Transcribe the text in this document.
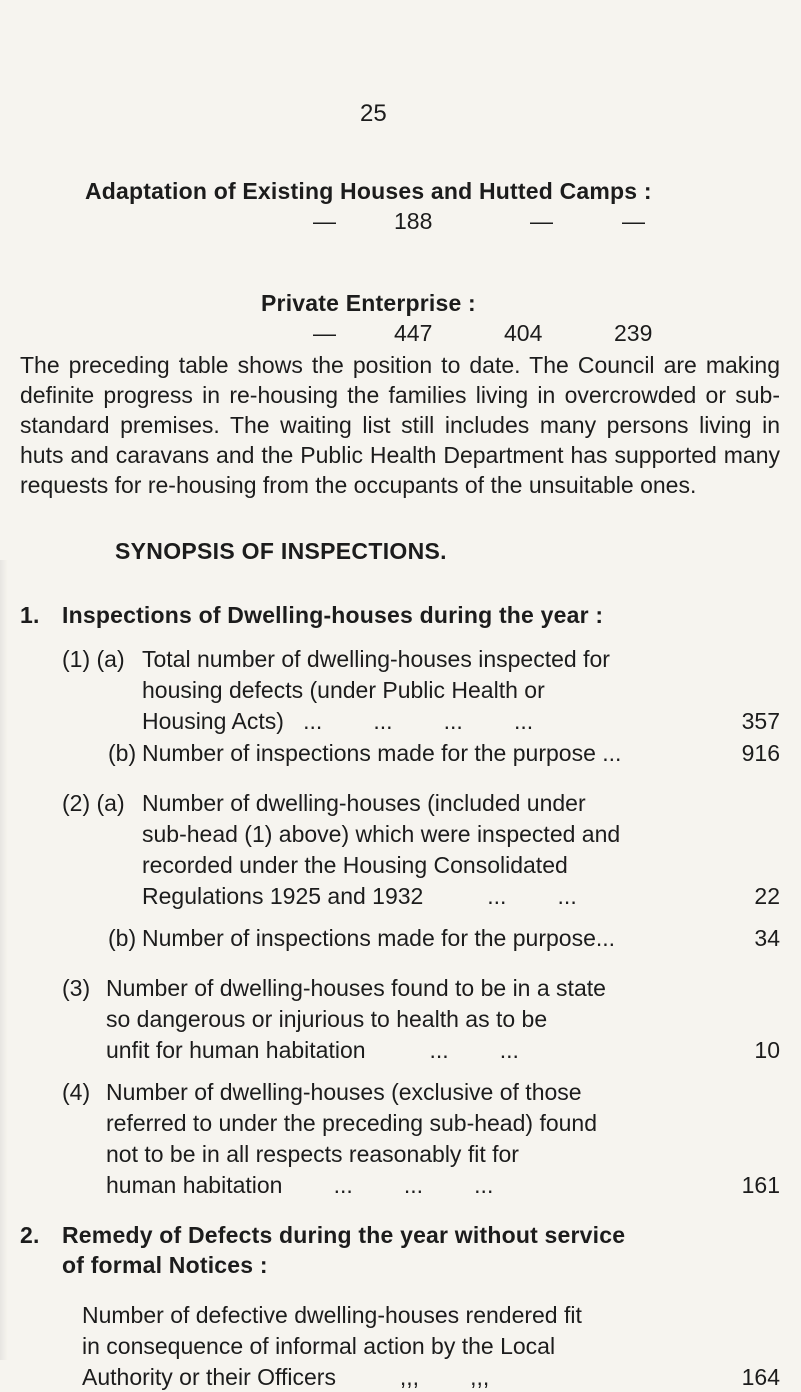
25
Adaptation of Existing Houses and Hutted Camps :
—	188	—	—
Private Enterprise :
—	447	404	239
The preceding table shows the position to date. The Council are making definite progress in re-housing the families living in overcrowded or sub-standard premises. The waiting list still includes many persons living in huts and caravans and the Public Health Department has supported many requests for re-housing from the occupants of the unsuitable ones.
SYNOPSIS OF INSPECTIONS.
1. Inspections of Dwelling-houses during the year :
(1) (a) Total number of dwelling-houses inspected for
housing defects (under Public Health or
Housing Acts)   ...        ...        ...        ...	357
(b) Number of inspections made for the purpose ...	916
(2) (a) Number of dwelling-houses (included under
sub-head (1) above) which were inspected and
recorded under the Housing Consolidated
Regulations 1925 and 1932          ...        ...	22
(b) Number of inspections made for the purpose...	34
(3) Number of dwelling-houses found to be in a state
so dangerous or injurious to health as to be
unfit for human habitation          ...        ...	10
(4) Number of dwelling-houses (exclusive of those
referred to under the preceding sub-head) found
not to be in all respects reasonably fit for
human habitation        ...        ...        ...	161
2. Remedy of Defects during the year without service
of formal Notices :
Number of defective dwelling-houses rendered fit
in consequence of informal action by the Local
Authority or their Officers          ,,,        ,,,	164
